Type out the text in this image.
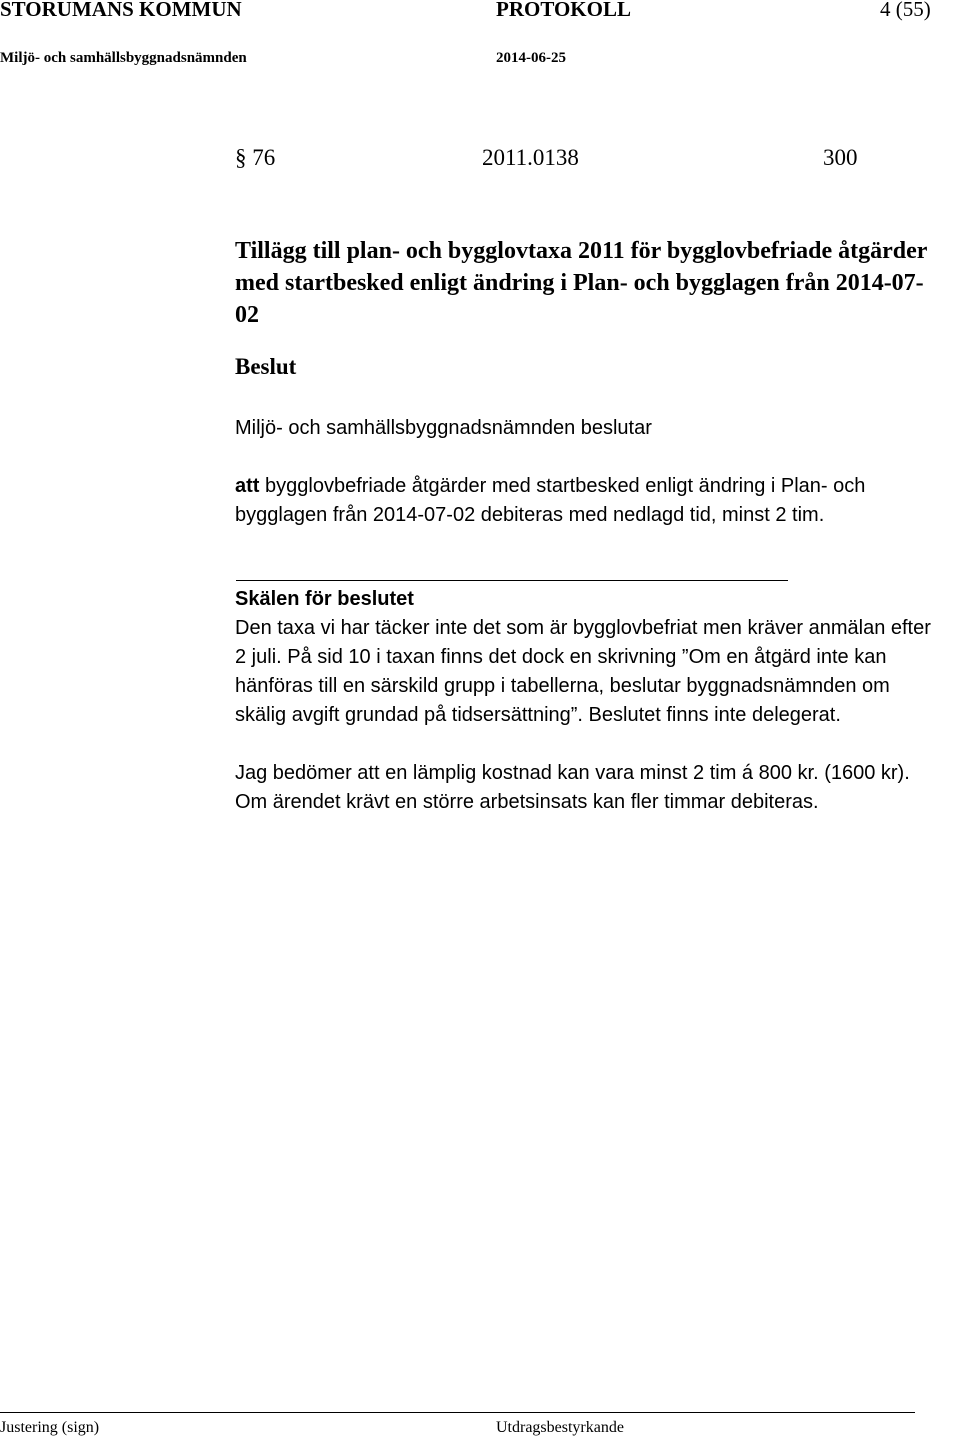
STORUMANS KOMMUN	PROTOKOLL	4 (55)
Miljö- och samhällsbyggnadsnämnden	2014-06-25
§ 76	2011.0138	300
Tillägg till plan- och bygglovtaxa 2011 för bygglovbefriade åtgärder med startbesked enligt ändring i Plan- och bygglagen från 2014-07-02
Beslut

Miljö- och samhällsbyggnadsnämnden beslutar

att bygglovbefriade åtgärder med startbesked enligt ändring i Plan- och bygglagen från 2014-07-02 debiteras med nedlagd tid, minst 2 tim.

Skälen för beslutet

Den taxa vi har täcker inte det som är bygglovbefriat men kräver anmälan efter 2 juli. På sid 10 i taxan finns det dock en skrivning ”Om en åtgärd inte kan hänföras till en särskild grupp i tabellerna, beslutar byggnadsnämnden om skälig avgift grundad på tidsersättning”. Beslutet finns inte delegerat.
Jag bedömer att en lämplig kostnad kan vara minst 2 tim á 800 kr. (1600 kr). Om ärendet krävt en större arbetsinsats kan fler timmar debiteras.

Justering (sign)	Utdragsbestyrkande
